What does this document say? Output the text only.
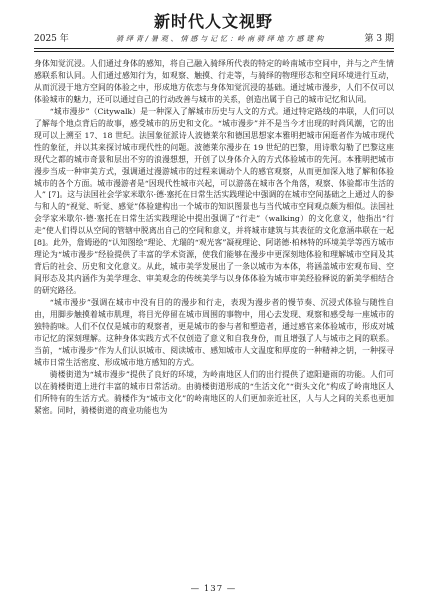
新时代人文视野
2025 年	骑 绎 青 / 暑 观 、 情 感 与 记 忆 ：岭 南 骑 绎 地 方 感 建 构	第 3 期

身体知觉沉浸。人们通过身体的感知，将自己融入骑绎所代表的特定的岭南城市空间中，并与之产生情感联系和认同。人们通过感知行为，如观察、触摸、行走等，与骑绎的物理形态和空间环境进行互动，从而沉浸于地方空间的体验之中，形成地方依恋与身体知觉沉浸的基础。通过城市漫步，人们不仅可以体验城市的魅力，还可以通过自己的行动改善与城市的关系，创造出属于自己的城市记忆和认同。

“城市漫步”（Citywalk）是一种深入了解城市历史与人文的方式。通过特定路线的串联，人们可以了解每个地点背后的故事，感受城市的历史和文化。“城市漫步”并不是当今才出现的时尚风潮，它的出现可以上溯至 17、18 世纪。法国象征派诗人波德莱尔和德国思想家本雅明把城市闲逛者作为城市现代性的象征，并以其来探讨城市现代性的问题。波德莱尔漫步在 19 世纪的巴黎，用诗歌勾勒了巴黎这座现代之都的城市奇景和层出不穷的浪漫想想，开创了以身体介入的方式体验城市的先河。本雅明把城市漫步当成一种审美方式，强调通过漫游城市的过程来调动个人的感官观察，从而更加深入地了解和体验城市的各个方面。城市漫游者是“因现代性城市兴起，可以游荡在城市各个角落，观察、体验都市生活的人” [7]。这与法国社会学家米歇尔·德·塞托在日常生活实践理论中强调的在城市空间基础之上通过人的参与和人的“视觉、听觉、感觉”体验建构出一个城市的知识图景也与当代城市空间观点颇为相似。法国社会学家米歇尔·德·塞托在日常生活实践理论中提出强调了“行走”（walking）的文化意义，他指出“行走”使人们得以从空间的管辖中脱离出自己的空间和意义，并将城市建筑与其表征的文化意涵串联在一起 [8]。此外，詹姆逊的“认知图绘”理论、尤瑞的“观光客”凝视理论、阿诺德·柏林特的环境美学等西方城市理论为“城市漫步”经验提供了丰富的学术资源，使我们能够在漫步中更深刻地体验和理解城市空间及其背后的社会、历史和文化意义。从此，城市美学发展出了一条以城市为本体，将涵盖城市宏观布局、空间形态及其内涵作为美学理念、审美观念的传统美学与以身体体验为城市审美经验释说的新美学相结合的研究路径。

“城市漫步”强调在城市中没有目的的漫步和行走，表现为漫步者的慢节奏、沉浸式体验与随性自由，用脚步触摸着城市肌理，将目光停留在城市周围的事物中，用心去发现、观察和感受每一座城市的独特韵味。人们不仅仅是城市的观察者，更是城市的参与者和塑造者，通过感官来体验城市，形成对城市记忆的深刻理解。这种身体实践方式不仅创造了意义和自我身份，而且增强了人与城市之间的联系。当前，“城市漫步”作为人们认识城市、阅读城市、感知城市人文温度和厚度的一种精神之钥，一种探寻城市日常生活密度、形成城市地方感知的方式。

骑楼街道为“城市漫步”提供了良好的环境，为岭南地区人们的出行提供了遮阳避雨的功能。人们可以在骑楼街道上进行丰富的城市日常活动。由骑楼街道形成的“生活文化”“街头文化”构成了岭南地区人们所特有的生活方式。骑楼作为“城市文化”的岭南地区的人们更加亲近社区，人与人之间的关系也更加紧密。同时，骑楼街道的商业功能也为

— 137 —
